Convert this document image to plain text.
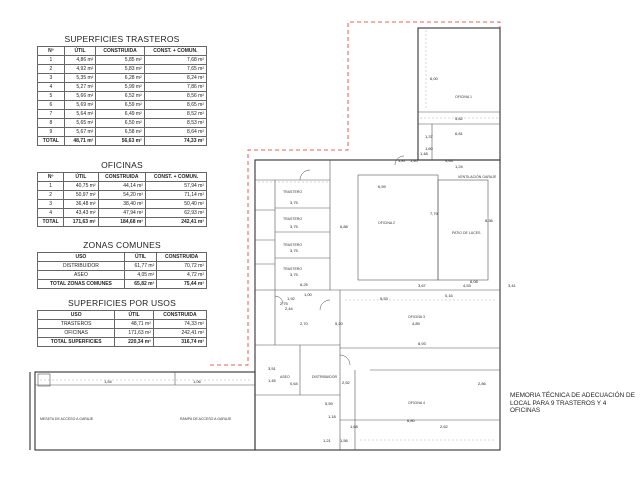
SUPERFICIES TRASTEROS
Nº	ÚTIL	CONSTRUIDA	CONST. + COMUN.
1	4,86 m²	5,85 m²	7,68 m²
2	4,92 m²	5,83 m²	7,65 m²
3	5,35 m²	6,28 m²	8,24 m²
4	5,27 m²	5,99 m²	7,86 m²
5	5,66 m²	6,52 m²	8,56 m²
6	5,69 m²	6,59 m²	8,65 m²
7	5,64 m²	6,49 m²	8,52 m²
8	5,65 m²	6,50 m²	8,53 m²
9	5,67 m²	6,58 m²	8,64 m²
TOTAL	48,71 m²	56,63 m²	74,33 m²
OFICINAS
Nº	ÚTIL	CONSTRUIDA	CONST. + COMUN.
1	40,75 m²	44,14 m²	57,94 m²
2	50,97 m²	54,20 m²	71,14 m²
3	36,48 m²	38,40 m²	50,40 m²
4	43,43 m²	47,94 m²	62,93 m²
TOTAL	171,63 m²	184,68 m²	242,41 m²
ZONAS COMUNES
USO	ÚTIL	CONSTRUIDA
DISTRIBUIDOR	61,77 m²	70,72 m²
ASEO	4,05 m²	4,72 m²
TOTAL ZONAS COMUNES	65,82 m²	75,44 m²
SUPERFICIES POR USOS
USO	ÚTIL	CONSTRUIDA
TRASTEROS	48,71 m²	74,33 m²
OFICINAS	171,63 m²	242,41 m²
TOTAL SUPERFICIES	220,34 m²	316,74 m²
OFICINA 1
OFICINA 2
OFICINA 3
OFICINA 4
TRASTERO
TRASTERO
TRASTERO
TRASTERO
DISTRIBUIDOR
ASEO
PATIO DE LUCES
VENTILACIÓN GARAJE
MESETA DE ACCESO A GARAJE	RAMPA DE ACCESO A GARAJE
6,00
5,82
6,81
1,37
1,60
1,48
1,40
1,87
6,59
4,63
1,24
7,79
8,36
6,88
3,75
3,75
3,75
3,75
6,25
5,53
3,67
6,08
4,53
2,75
3,41
0,16
1,92
2,44
2,70	5,20	4,89
8,93
3,51
1,45
0,64	2,52
1,54	1,06
5,59
1,68
2,86
6,80
2,62
1,21 1,56
1,18
1,00
MEMORIA TÉCNICA DE ADECUACIÓN DE
LOCAL PARA 9 TRASTEROS Y 4 OFICINAS
